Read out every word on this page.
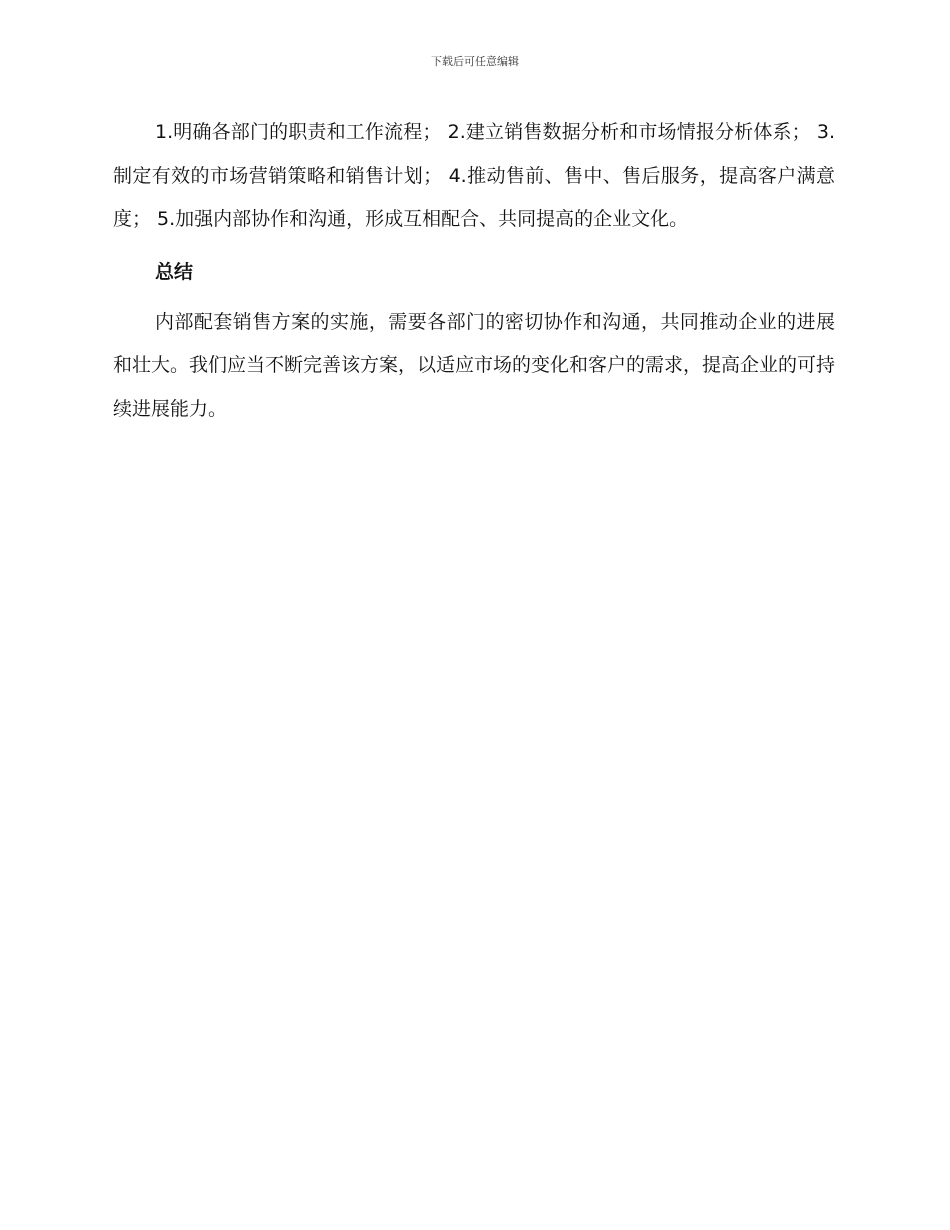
下载后可任意编辑

1.明确各部门的职责和工作流程； 2.建立销售数据分析和市场情报分析体系； 3.制定有效的市场营销策略和销售计划； 4.推动售前、售中、售后服务，提高客户满意度； 5.加强内部协作和沟通，形成互相配合、共同提高的企业文化。

总结

内部配套销售方案的实施，需要各部门的密切协作和沟通，共同推动企业的进展和壮大。我们应当不断完善该方案，以适应市场的变化和客户的需求，提高企业的可持续进展能力。
